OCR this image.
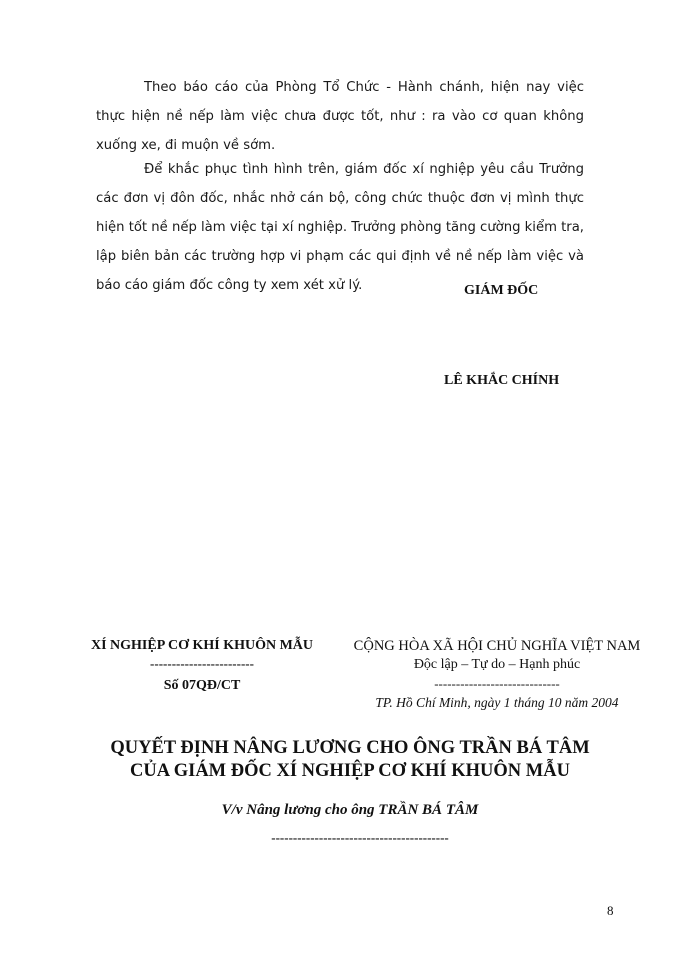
Theo báo cáo của Phòng Tổ Chức - Hành chánh, hiện nay việc thực hiện nề nếp làm việc chưa được tốt, như : ra vào cơ quan không xuống xe, đi muộn về sớm.
Để khắc phục tình hình trên, giám đốc xí nghiệp yêu cầu Trưởng các đơn vị đôn đốc, nhắc nhở cán bộ, công chức thuộc đơn vị mình thực hiện tốt nề nếp làm việc tại xí nghiệp. Trưởng phòng tăng cường kiểm tra, lập biên bản các trường hợp vi phạm các qui định về nề nếp làm việc và báo cáo giám đốc công ty xem xét xử lý.	GIÁM ĐỐC
LÊ KHẮC CHÍNH
XÍ NGHIỆP CƠ KHÍ KHUÔN MẪU
------------------------
Số 07QĐ/CT
CỘNG HÒA XÃ HỘI CHỦ NGHĨA VIỆT NAM
Độc lập – Tự do – Hạnh phúc
-----------------------------
TP. Hồ Chí Minh, ngày 1 tháng 10 năm 2004
QUYẾT ĐỊNH NÂNG LƯƠNG CHO ÔNG TRẦN BÁ TÂM
CỦA GIÁM ĐỐC XÍ NGHIỆP CƠ KHÍ KHUÔN MẪU
V/v Nâng lương cho ông TRẦN BÁ TÂM
-----------------------------------------
8
